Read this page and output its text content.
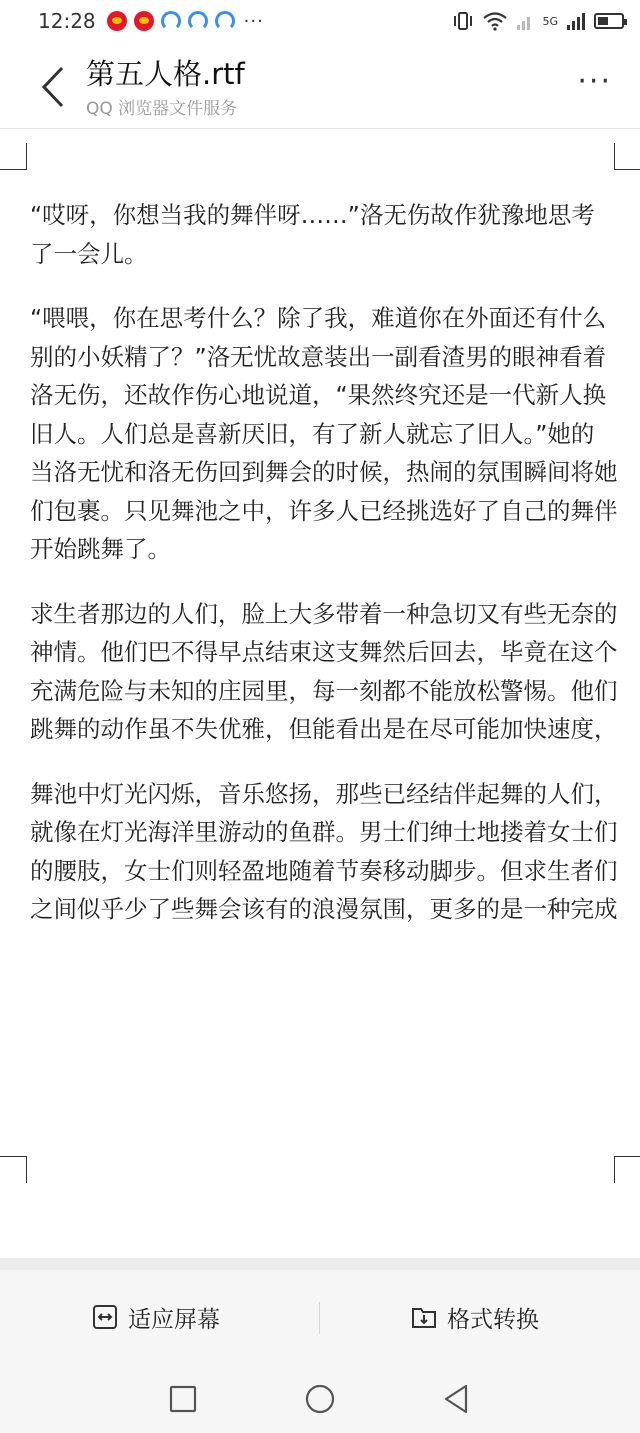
12:28	···	5G
第五人格.rtf
QQ 浏览器文件服务
···

“哎呀，你想当我的舞伴呀……”洛无伤故作犹豫地思考了一会儿。

“喂喂，你在思考什么？除了我，难道你在外面还有什么别的小妖精了？”洛无忧故意装出一副看渣男的眼神看着洛无伤，还故作伤心地说道，“果然终究还是一代新人换旧人。人们总是喜新厌旧，有了新人就忘了旧人。”她的

当洛无忧和洛无伤回到舞会的时候，热闹的氛围瞬间将她们包裹。只见舞池之中，许多人已经挑选好了自己的舞伴开始跳舞了。

求生者那边的人们，脸上大多带着一种急切又有些无奈的神情。他们巴不得早点结束这支舞然后回去，毕竟在这个充满危险与未知的庄园里，每一刻都不能放松警惕。他们跳舞的动作虽不失优雅，但能看出是在尽可能加快速度，

舞池中灯光闪烁，音乐悠扬，那些已经结伴起舞的人们，就像在灯光海洋里游动的鱼群。男士们绅士地搂着女士们的腰肢，女士们则轻盈地随着节奏移动脚步。但求生者们之间似乎少了些舞会该有的浪漫氛围，更多的是一种完成

适应屏幕	格式转换
